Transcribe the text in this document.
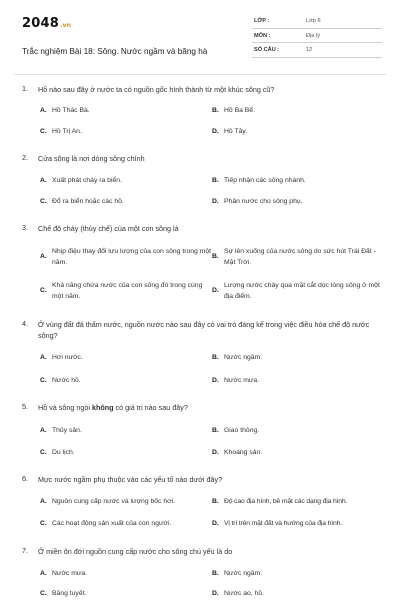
2048.vn
Trắc nghiệm Bài 18: Sông. Nước ngầm và băng hà
LỚP :	Lớp 6
MÔN :	Địa lý
SỐ CÂU :	12
1. Hồ nào sau đây ở nước ta có nguồn gốc hình thành từ một khúc sông cũ?
A. Hồ Thác Bà.	B. Hồ Ba Bể.
C. Hồ Trị An.	D. Hồ Tây.
2. Cửa sông là nơi dòng sông chính
A. Xuất phát chảy ra biển.	B. Tiếp nhận các sông nhánh.
C. Đổ ra biển hoặc các hồ.	D. Phân nước cho sông phụ.
3. Chế độ chảy (thủy chế) của một con sông là
A.
Nhịp điệu thay đổi lưu lượng của con sông trong một năm.
B.
Sự lên xuống của nước sông do sức hút Trái Đất - Mặt Trời.
C.
Khả năng chứa nước của con sông đó trong cùng một năm.
D.
Lượng nước chảy qua mặt cắt dọc lòng sông ở một địa điểm.
4. Ở vùng đất đá thấm nước, nguồn nước nào sau đây có vai trò đáng kể trong việc điều hòa chế độ nước sông?
A. Hơi nước.	B. Nước ngầm.
C. Nước hồ.	D. Nước mưa.
5. Hồ và sông ngòi không có giá trị nào sau đây?
A. Thủy sản.	B. Giao thông.
C. Du lịch.	D. Khoáng sản.
6. Mực nước ngầm phụ thuộc vào các yếu tố nào dưới đây?
A. Nguồn cung cấp nước và lượng bốc hơi.	B. Độ cao địa hình, bề mặt các dạng địa hình.
C. Các hoạt động sản xuất của con người.	D. Vị trí trên mặt đất và hướng của địa hình.
7. Ở miền ôn đới nguồn cung cấp nước cho sông chủ yếu là do
A. Nước mưa.	B. Nước ngầm.
C. Băng tuyết.	D. Nước ao, hồ.
